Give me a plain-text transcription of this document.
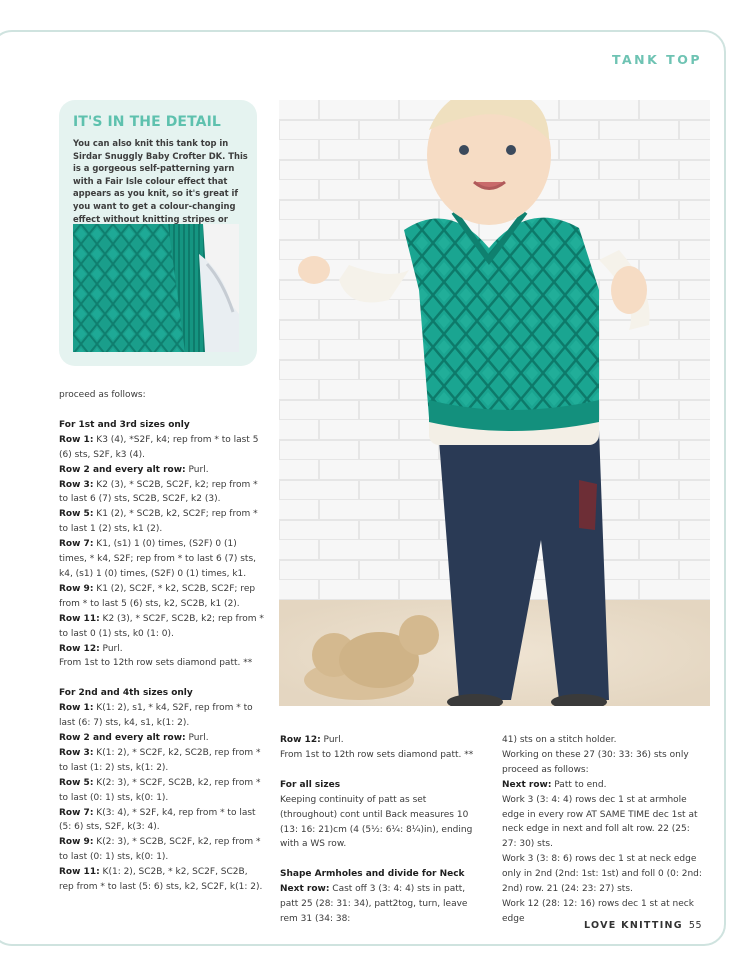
TANK TOP
IT'S IN THE DETAIL
You can also knit this tank top in Sirdar Snuggly Baby Crofter DK. This is a gorgeous self-patterning yarn with a Fair Isle colour effect that appears as you knit, so it's great if you want to get a colour-changing effect without knitting stripes or

proceed as follows:

For 1st and 3rd sizes only

Row 1: K3 (4), *S2F, k4; rep from * to last 5 (6) sts, S2F, k3 (4).

Row 2 and every alt row: Purl.

Row 3: K2 (3), * SC2B, SC2F, k2; rep from * to last 6 (7) sts, SC2B, SC2F, k2 (3).

Row 5: K1 (2), * SC2B, k2, SC2F; rep from * to last 1 (2) sts, k1 (2).

Row 7: K1, (s1) 1 (0) times, (S2F) 0 (1) times, * k4, S2F; rep from * to last 6 (7) sts, k4, (s1) 1 (0) times, (S2F) 0 (1) times, k1.

Row 9: K1 (2), SC2F, * k2, SC2B, SC2F; rep from * to last 5 (6) sts, k2, SC2B, k1 (2).

Row 11: K2 (3), * SC2F, SC2B, k2; rep from * to last 0 (1) sts, k0 (1: 0).

Row 12: Purl.

From 1st to 12th row sets diamond patt. **

For 2nd and 4th sizes only

Row 1: K(1: 2), s1, * k4, S2F, rep from * to last (6: 7) sts, k4, s1, k(1: 2).

Row 2 and every alt row: Purl.

Row 3: K(1: 2), * SC2F, k2, SC2B, rep from * to last (1: 2) sts, k(1: 2).

Row 5: K(2: 3), * SC2F, SC2B, k2, rep from * to last (0: 1) sts, k(0: 1).

Row 7: K(3: 4), * S2F, k4, rep from * to last (5: 6) sts, S2F, k(3: 4).

Row 9: K(2: 3), * SC2B, SC2F, k2, rep from * to last (0: 1) sts, k(0: 1).

Row 11: K(1: 2), SC2B, * k2, SC2F, SC2B, rep from * to last (5: 6) sts, k2, SC2F, k(1: 2).

Row 12: Purl.

From 1st to 12th row sets diamond patt. **

For all sizes

Keeping continuity of patt as set (throughout) cont until Back measures 10 (13: 16: 21)cm (4 (5½: 6¼: 8¼)in), ending with a WS row.

Shape Armholes and divide for Neck

Next row: Cast off 3 (3: 4: 4) sts in patt, patt 25 (28: 31: 34), patt2tog, turn, leave rem 31 (34: 38:

41) sts on a stitch holder.

Working on these 27 (30: 33: 36) sts only proceed as follows:

Next row: Patt to end.

Work 3 (3: 4: 4) rows dec 1 st at armhole edge in every row AT SAME TIME dec 1st at neck edge in next and foll alt row. 22 (25: 27: 30) sts.

Work 3 (3: 8: 6) rows dec 1 st at neck edge only in 2nd (2nd: 1st: 1st) and foll 0 (0: 2nd: 2nd) row. 21 (24: 23: 27) sts.

Work 12 (28: 12: 16) rows dec 1 st at neck edge

LOVE KNITTING 55
